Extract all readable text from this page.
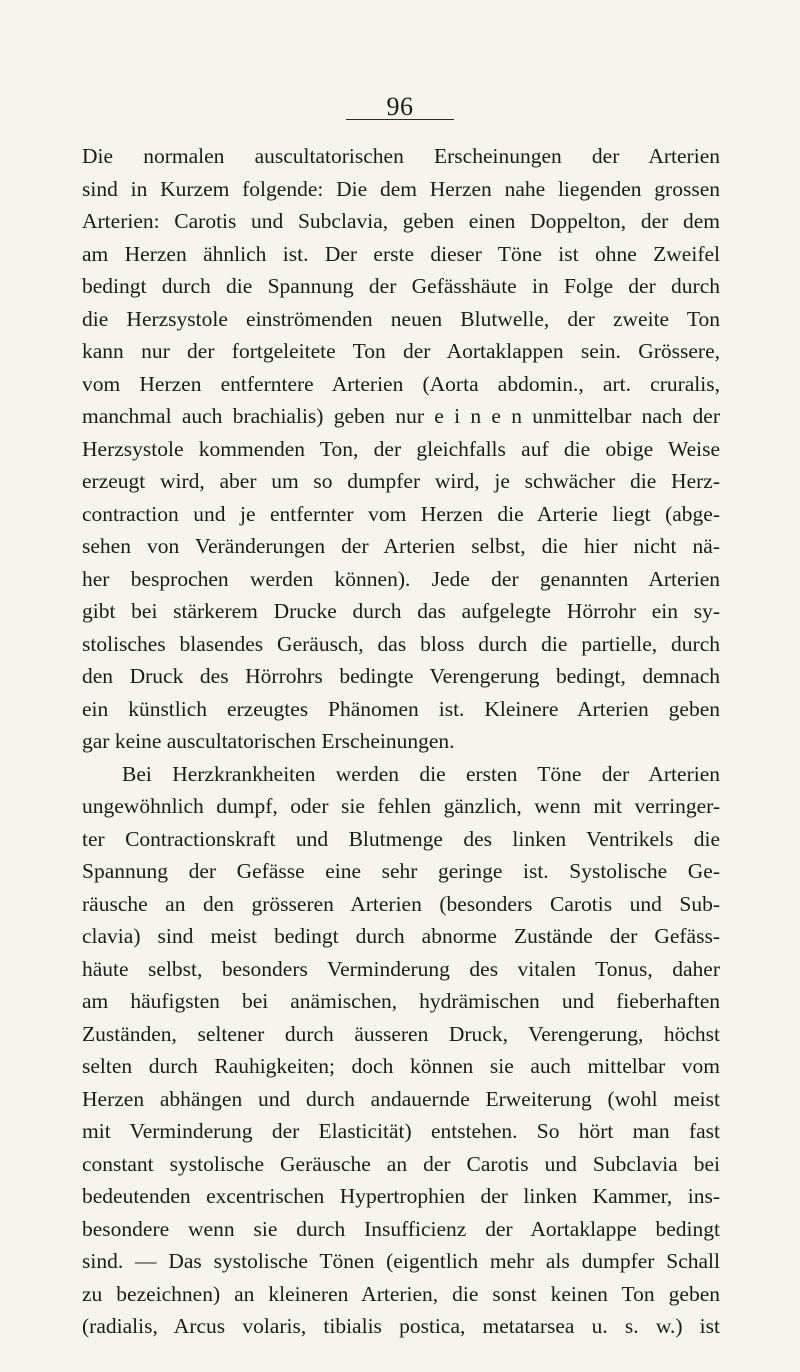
96
Die normalen auscultatorischen Erscheinungen der Arterien
sind in Kurzem folgende: Die dem Herzen nahe liegenden grossen
Arterien: Carotis und Subclavia, geben einen Doppelton, der dem
am Herzen ähnlich ist. Der erste dieser Töne ist ohne Zweifel
bedingt durch die Spannung der Gefässhäute in Folge der durch
die Herzsystole einströmenden neuen Blutwelle, der zweite Ton
kann nur der fortgeleitete Ton der Aortaklappen sein. Grössere,
vom Herzen entferntere Arterien (Aorta abdomin., art. cruralis,
manchmal auch brachialis) geben nur e i n e n unmittelbar nach der
Herzsystole kommenden Ton, der gleichfalls auf die obige Weise
erzeugt wird, aber um so dumpfer wird, je schwächer die Herz-
contraction und je entfernter vom Herzen die Arterie liegt (abge-
sehen von Veränderungen der Arterien selbst, die hier nicht nä-
her besprochen werden können). Jede der genannten Arterien
gibt bei stärkerem Drucke durch das aufgelegte Hörrohr ein sy-
stolisches blasendes Geräusch, das bloss durch die partielle, durch
den Druck des Hörrohrs bedingte Verengerung bedingt, demnach
ein künstlich erzeugtes Phänomen ist. Kleinere Arterien geben
gar keine auscultatorischen Erscheinungen.
Bei Herzkrankheiten werden die ersten Töne der Arterien
ungewöhnlich dumpf, oder sie fehlen gänzlich, wenn mit verringer-
ter Contractionskraft und Blutmenge des linken Ventrikels die
Spannung der Gefässe eine sehr geringe ist. Systolische Ge-
räusche an den grösseren Arterien (besonders Carotis und Sub-
clavia) sind meist bedingt durch abnorme Zustände der Gefäss-
häute selbst, besonders Verminderung des vitalen Tonus, daher
am häufigsten bei anämischen, hydrämischen und fieberhaften
Zuständen, seltener durch äusseren Druck, Verengerung, höchst
selten durch Rauhigkeiten; doch können sie auch mittelbar vom
Herzen abhängen und durch andauernde Erweiterung (wohl meist
mit Verminderung der Elasticität) entstehen. So hört man fast
constant systolische Geräusche an der Carotis und Subclavia bei
bedeutenden excentrischen Hypertrophien der linken Kammer, ins-
besondere wenn sie durch Insufficienz der Aortaklappe bedingt
sind. — Das systolische Tönen (eigentlich mehr als dumpfer Schall
zu bezeichnen) an kleineren Arterien, die sonst keinen Ton geben
(radialis, Arcus volaris, tibialis postica, metatarsea u. s. w.) ist
